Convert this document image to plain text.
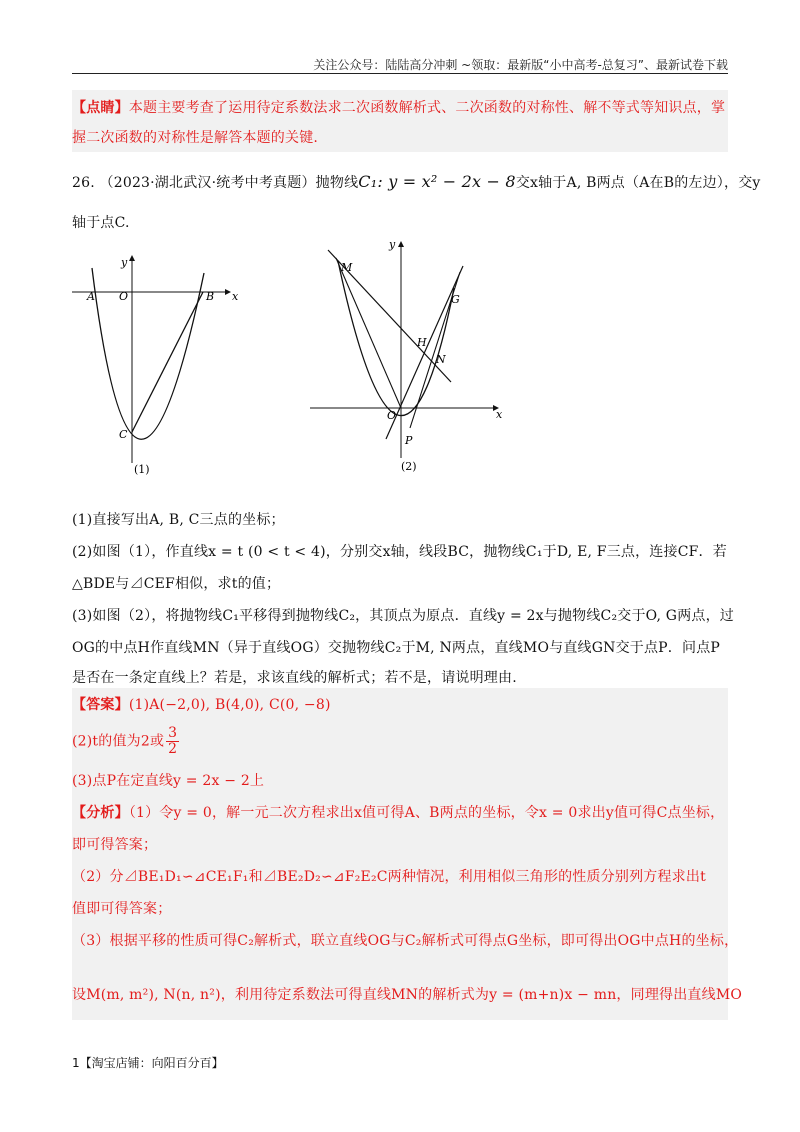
关注公众号：陆陆高分冲刺 ~领取：最新版“小中高考-总复习”、最新试卷下载
【点睛】本题主要考查了运用待定系数法求二次函数解析式、二次函数的对称性、解不等式等知识点，掌
握二次函数的对称性是解答本题的关键.
26. （2023·湖北武汉·统考中考真题）抛物线C₁: y = x² − 2x − 8交x轴于A, B两点（A在B的左边），交y
轴于点C.
y
x
A O	B
C
(1)
y
x
M
G
H
N
O
P
(2)
(1)直接写出A, B, C三点的坐标；
(2)如图（1），作直线x = t (0 < t < 4)，分别交x轴，线段BC，抛物线C₁于D, E, F三点，连接CF．若
△BDE与⊿CEF相似，求t的值；
(3)如图（2），将抛物线C₁平移得到抛物线C₂，其顶点为原点．直线y = 2x与抛物线C₂交于O, G两点，过
OG的中点H作直线MN（异于直线OG）交抛物线C₂于M, N两点，直线MO与直线GN交于点P．问点P
是否在一条定直线上？若是，求该直线的解析式；若不是，请说明理由.
【答案】(1)A(−2,0), B(4,0), C(0, −8)
(2)t的值为2或 $\frac{3}{2}$
(3)点P在定直线y = 2x − 2上
【分析】（1）令y = 0，解一元二次方程求出x值可得A、B两点的坐标，令x = 0求出y值可得C点坐标，
即可得答案；
（2）分⊿BE₁D₁∽⊿CE₁F₁和⊿BE₂D₂∽⊿F₂E₂C两种情况，利用相似三角形的性质分别列方程求出t
值即可得答案；
（3）根据平移的性质可得C₂解析式，联立直线OG与C₂解析式可得点G坐标，即可得出OG中点H的坐标，
设M(m, m²), N(n, n²)，利用待定系数法可得直线MN的解析式为y = (m+n)x − mn，同理得出直线MO
1【淘宝店铺：向阳百分百】
